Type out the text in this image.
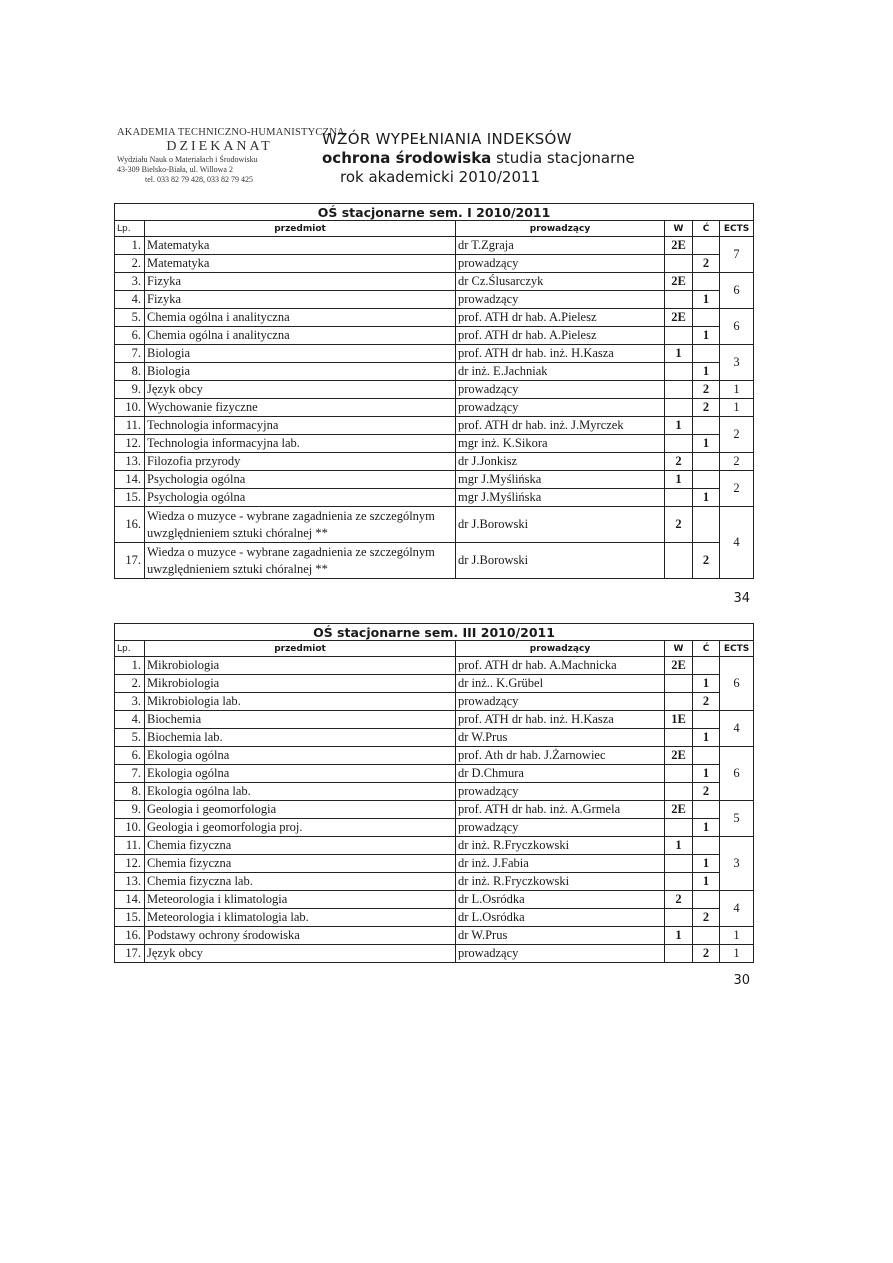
AKADEMIA TECHNICZNO-HUMANISTYCZNA
DZIEKANAT
Wydziału Nauk o Materiałach i Środowisku
43-309 Bielsko-Biała, ul. Willowa 2
tel. 033 82 79 428, 033 82 79 425
WZÓR WYPEŁNIANIA INDEKSÓW
ochrona środowiska studia stacjonarne
rok akademicki 2010/2011
OŚ stacjonarne sem. I 2010/2011					
Lp.	przedmiot	prowadzący	W	Ć	ECTS
1.	Matematyka	dr T.Zgraja	2E		7
2.	Matematyka	prowadzący		2	
3.	Fizyka	dr Cz.Ślusarczyk	2E		6
4.	Fizyka	prowadzący		1	
5.	Chemia ogólna i analityczna	prof. ATH dr hab. A.Pielesz	2E		6
6.	Chemia ogólna i analityczna	prof. ATH dr hab. A.Pielesz		1	
7.	Biologia	prof. ATH dr hab. inż. H.Kasza	1		3
8.	Biologia	dr inż. E.Jachniak		1	
9.	Język obcy	prowadzący		2	1
10.	Wychowanie fizyczne	prowadzący		2	1
11.	Technologia informacyjna	prof. ATH dr hab. inż. J.Myrczek	1		2
12.	Technologia informacyjna lab.	mgr inż. K.Sikora		1	
13.	Filozofia przyrody	dr J.Jonkisz	2		2
14.	Psychologia ogólna	mgr J.Myślińska	1		2
15.	Psychologia ogólna	mgr J.Myślińska		1	
16.	Wiedza o muzyce - wybrane zagadnienia ze szczególnym uwzględnieniem sztuki chóralnej **	dr J.Borowski	2		4
17.	Wiedza o muzyce - wybrane zagadnienia ze szczególnym uwzględnieniem sztuki chóralnej **	dr J.Borowski		2	
34
OŚ stacjonarne sem. III 2010/2011					
Lp.	przedmiot	prowadzący	W	Ć	ECTS
1.	Mikrobiologia	prof. ATH dr hab. A.Machnicka	2E		6
2.	Mikrobiologia	dr inż.. K.Grübel		1	
3.	Mikrobiologia lab.	prowadzący		2	
4.	Biochemia	prof. ATH dr hab. inż. H.Kasza	1E		4
5.	Biochemia lab.	dr W.Prus		1	
6.	Ekologia ogólna	prof. Ath dr hab. J.Żarnowiec	2E		6
7.	Ekologia ogólna	dr D.Chmura		1	
8.	Ekologia ogólna lab.	prowadzący		2	
9.	Geologia i geomorfologia	prof. ATH dr hab. inż. A.Grmela	2E		5
10.	Geologia i geomorfologia proj.	prowadzący		1	
11.	Chemia fizyczna	dr inż. R.Fryczkowski	1		3
12.	Chemia fizyczna	dr inż. J.Fabia		1	
13.	Chemia fizyczna lab.	dr inż. R.Fryczkowski		1	
14.	Meteorologia i klimatologia	dr L.Osródka	2		4
15.	Meteorologia i klimatologia lab.	dr L.Osródka		2	
16.	Podstawy ochrony środowiska	dr W.Prus	1		1
17.	Język obcy	prowadzący		2	1
30
